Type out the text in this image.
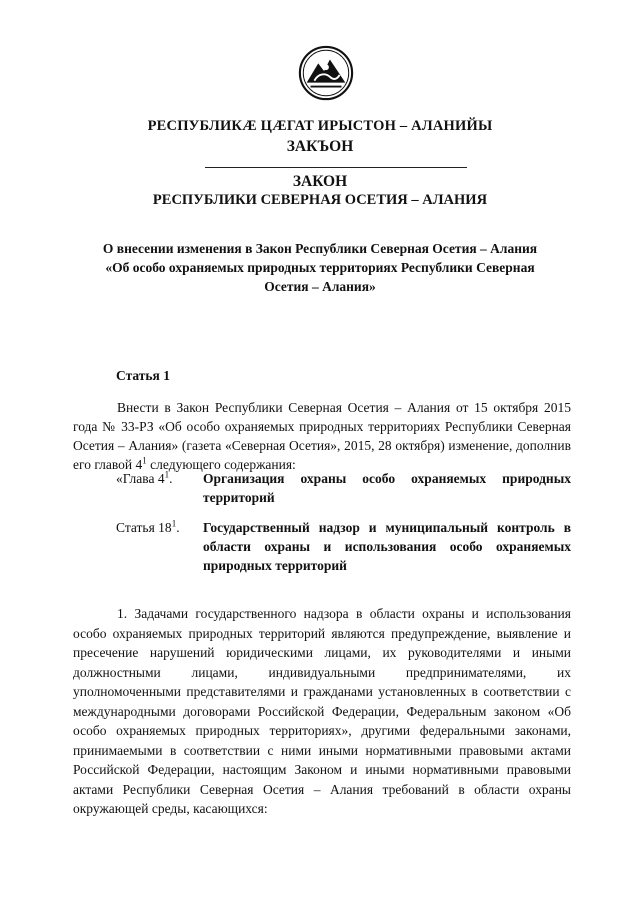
РЕСПУБЛИКӔ ЦӔГАТ ИРЫСТОН – АЛАНИЙЫ
ЗАКЪОН
ЗАКОН
РЕСПУБЛИКИ СЕВЕРНАЯ ОСЕТИЯ – АЛАНИЯ
О внесении изменения в Закон Республики Северная Осетия – Алания «Об особо охраняемых природных территориях Республики Северная Осетия – Алания»
Статья 1
Внести в Закон Республики Северная Осетия – Алания от 15 октября 2015 года № 33-РЗ «Об особо охраняемых природных территориях Республики Северная Осетия – Алания» (газета «Северная Осетия», 2015, 28 октября) изменение, дополнив его главой $4^1$ следующего содержания:
«Глава $4^1$. Организация охраны особо охраняемых природных территорий
Статья $18^1$. Государственный надзор и муниципальный контроль в области охраны и использования особо охраняемых природных территорий
1. Задачами государственного надзора в области охраны и использования особо охраняемых природных территорий являются предупреждение, выявление и пресечение нарушений юридическими лицами, их руководителями и иными должностными лицами, индивидуальными предпринимателями, их уполномоченными представителями и гражданами установленных в соответствии с международными договорами Российской Федерации, Федеральным законом «Об особо охраняемых природных территориях», другими федеральными законами, принимаемыми в соответствии с ними иными нормативными правовыми актами Российской Федерации, настоящим Законом и иными нормативными правовыми актами Республики Северная Осетия – Алания требований в области охраны окружающей среды, касающихся:
